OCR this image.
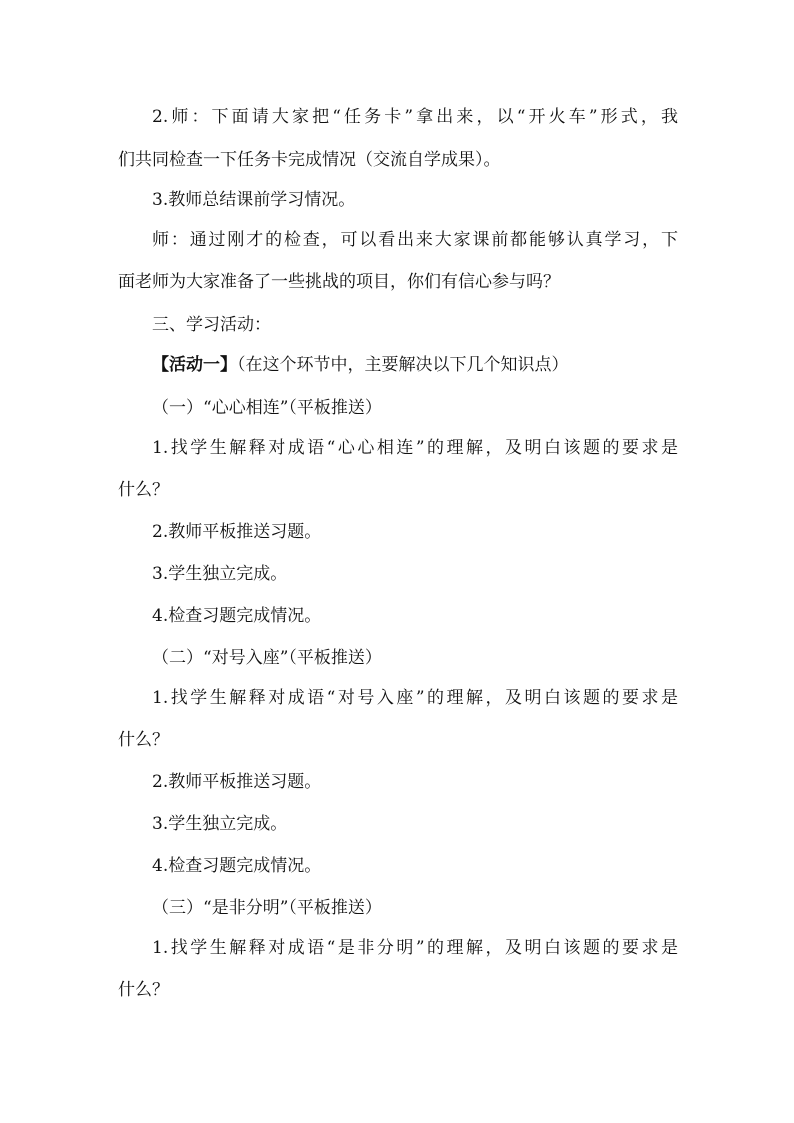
2.师：下面请大家把“任务卡”拿出来，以“开火车”形式，我

们共同检查一下任务卡完成情况（交流自学成果）。

3.教师总结课前学习情况。

师：通过刚才的检查，可以看出来大家课前都能够认真学习，下

面老师为大家准备了一些挑战的项目，你们有信心参与吗？

三、学习活动：

【活动一】（在这个环节中，主要解决以下几个知识点）

（一）“心心相连”（平板推送）

1.找学生解释对成语“心心相连”的理解，及明白该题的要求是

什么？

2.教师平板推送习题。

3.学生独立完成。

4.检查习题完成情况。

（二）“对号入座”（平板推送）

1.找学生解释对成语“对号入座”的理解，及明白该题的要求是

什么？

2.教师平板推送习题。

3.学生独立完成。

4.检查习题完成情况。

（三）“是非分明”（平板推送）

1.找学生解释对成语“是非分明”的理解，及明白该题的要求是

什么？
